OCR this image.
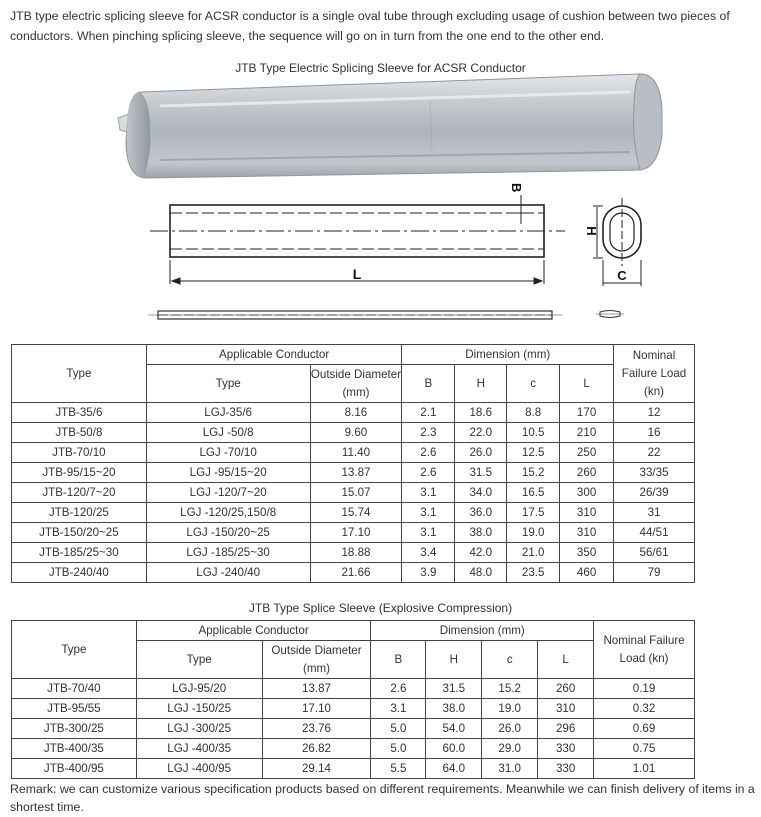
JTB type electric splicing sleeve for ACSR conductor is a single oval tube through excluding usage of cushion between two pieces of conductors. When pinching splicing sleeve, the sequence will go on in turn from the one end to the other end.
JTB Type Electric Splicing Sleeve for ACSR Conductor
L
B
H
C
Type	Applicable Conductor		Dimension (mm)				Nominal Failure Load (kn)
	Type	Outside Diameter (mm)	B	H	c	L	
JTB-35/6	LGJ-35/6	8.16	2.1	18.6	8.8	170	12
JTB-50/8	LGJ -50/8	9.60	2.3	22.0	10.5	210	16
JTB-70/10	LGJ -70/10	11.40	2.6	26.0	12.5	250	22
JTB-95/15~20	LGJ -95/15~20	13.87	2.6	31.5	15.2	260	33/35
JTB-120/7~20	LGJ -120/7~20	15.07	3.1	34.0	16.5	300	26/39
JTB-120/25	LGJ -120/25,150/8	15.74	3.1	36.0	17.5	310	31
JTB-150/20~25	LGJ -150/20~25	17.10	3.1	38.0	19.0	310	44/51
JTB-185/25~30	LGJ -185/25~30	18.88	3.4	42.0	21.0	350	56/61
JTB-240/40	LGJ -240/40	21.66	3.9	48.0	23.5	460	79
JTB Type Splice Sleeve (Explosive Compression)
Type	Applicable Conductor		Dimension (mm)				Nominal Failure Load (kn)
	Type	Outside Diameter (mm)	B	H	c	L	
JTB-70/40	LGJ-95/20	13.87	2.6	31.5	15.2	260	0.19
JTB-95/55	LGJ -150/25	17.10	3.1	38.0	19.0	310	0.32
JTB-300/25	LGJ -300/25	23.76	5.0	54.0	26.0	296	0.69
JTB-400/35	LGJ -400/35	26.82	5.0	60.0	29.0	330	0.75
JTB-400/95	LGJ -400/95	29.14	5.5	64.0	31.0	330	1.01
Remark: we can customize various specification products based on different requirements. Meanwhile we can finish delivery of items in a shortest time.
